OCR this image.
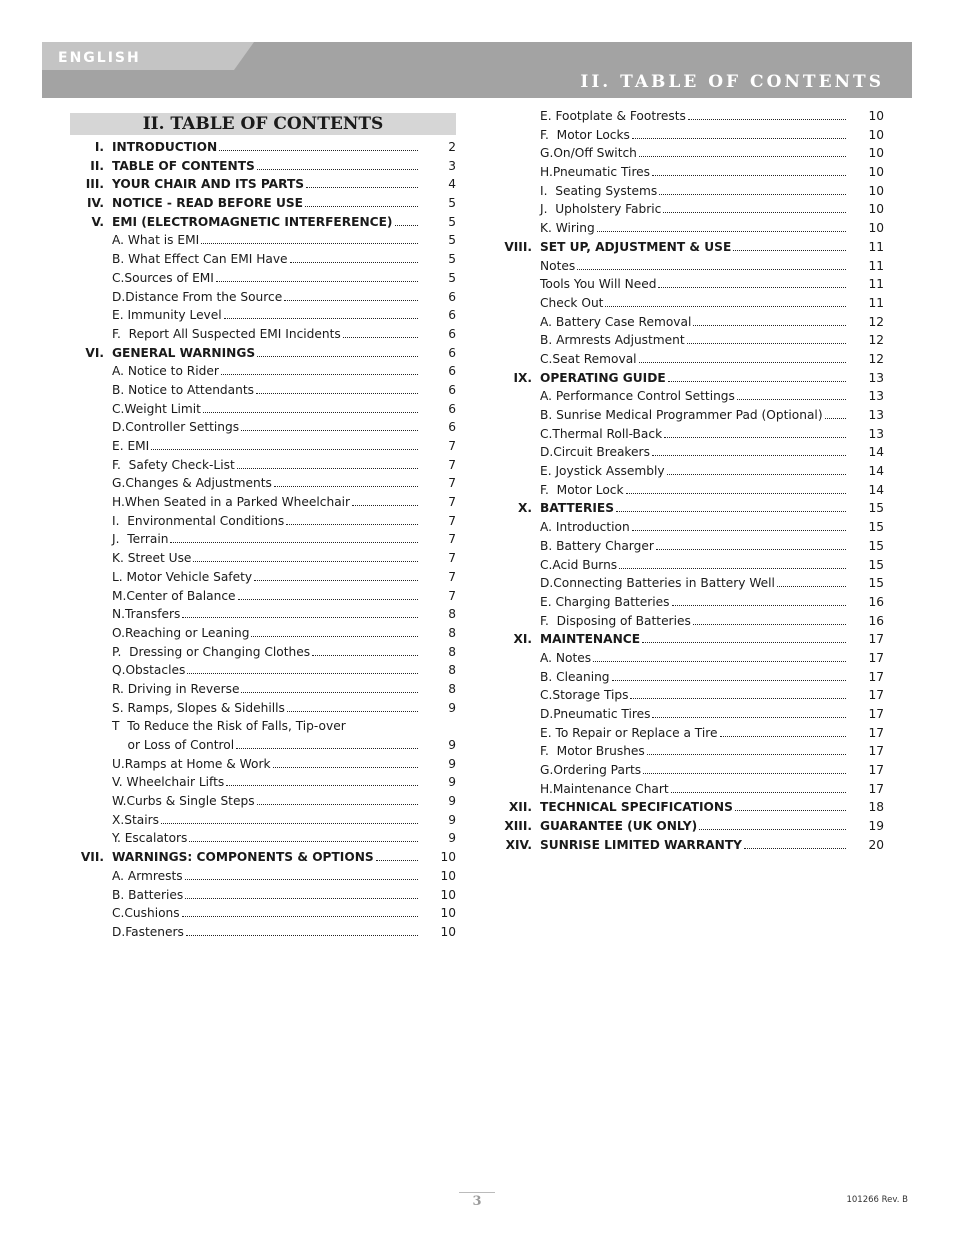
ENGLISH
II. TABLE OF CONTENTS
II. TABLE OF CONTENTS
I. INTRODUCTION	2
II. TABLE OF CONTENTS	3
III. YOUR CHAIR AND ITS PARTS	4
IV. NOTICE - READ BEFORE USE	5
V. EMI (ELECTROMAGNETIC INTERFERENCE)	5
A. What is EMI	5
B. What Effect Can EMI Have	5
C.Sources of EMI	5
D.Distance From the Source	6
E. Immunity Level	6
F.  Report All Suspected EMI Incidents	6
VI. GENERAL WARNINGS	6
A. Notice to Rider	6
B. Notice to Attendants	6
C.Weight Limit	6
D.Controller Settings	6
E. EMI	7
F.  Safety Check-List	7
G.Changes & Adjustments	7
H.When Seated in a Parked Wheelchair	7
I.  Environmental Conditions	7
J.  Terrain	7
K. Street Use	7
L. Motor Vehicle Safety	7
M.Center of Balance	7
N.Transfers	8
O.Reaching or Leaning	8
P.  Dressing or Changing Clothes	8
Q.Obstacles	8
R. Driving in Reverse	8
S. Ramps, Slopes & Sidehills	9
T  To Reduce the Risk of Falls, Tip-over
or Loss of Control	9
U.Ramps at Home & Work	9
V. Wheelchair Lifts	9
W.Curbs & Single Steps	9
X.Stairs	9
Y. Escalators	9
VII. WARNINGS: COMPONENTS & OPTIONS	10
A. Armrests	10
B. Batteries	10
C.Cushions	10
D.Fasteners	10
E. Footplate & Footrests	10
F.  Motor Locks	10
G.On/Off Switch	10
H.Pneumatic Tires	10
I.  Seating Systems	10
J.  Upholstery Fabric	10
K. Wiring	10
VIII. SET UP, ADJUSTMENT & USE	11
Notes	11
Tools You Will Need	11
Check Out	11
A. Battery Case Removal	12
B. Armrests Adjustment	12
C.Seat Removal	12
IX. OPERATING GUIDE	13
A. Performance Control Settings	13
B. Sunrise Medical Programmer Pad (Optional)	13
C.Thermal Roll-Back	13
D.Circuit Breakers	14
E. Joystick Assembly	14
F.  Motor Lock	14
X. BATTERIES	15
A. Introduction	15
B. Battery Charger	15
C.Acid Burns	15
D.Connecting Batteries in Battery Well	15
E. Charging Batteries	16
F.  Disposing of Batteries	16
XI. MAINTENANCE	17
A. Notes	17
B. Cleaning	17
C.Storage Tips	17
D.Pneumatic Tires	17
E. To Repair or Replace a Tire	17
F.  Motor Brushes	17
G.Ordering Parts	17
H.Maintenance Chart	17
XII. TECHNICAL SPECIFICATIONS	18
XIII. GUARANTEE (UK ONLY)	19
XIV. SUNRISE LIMITED WARRANTY	20
3	101266 Rev. B
